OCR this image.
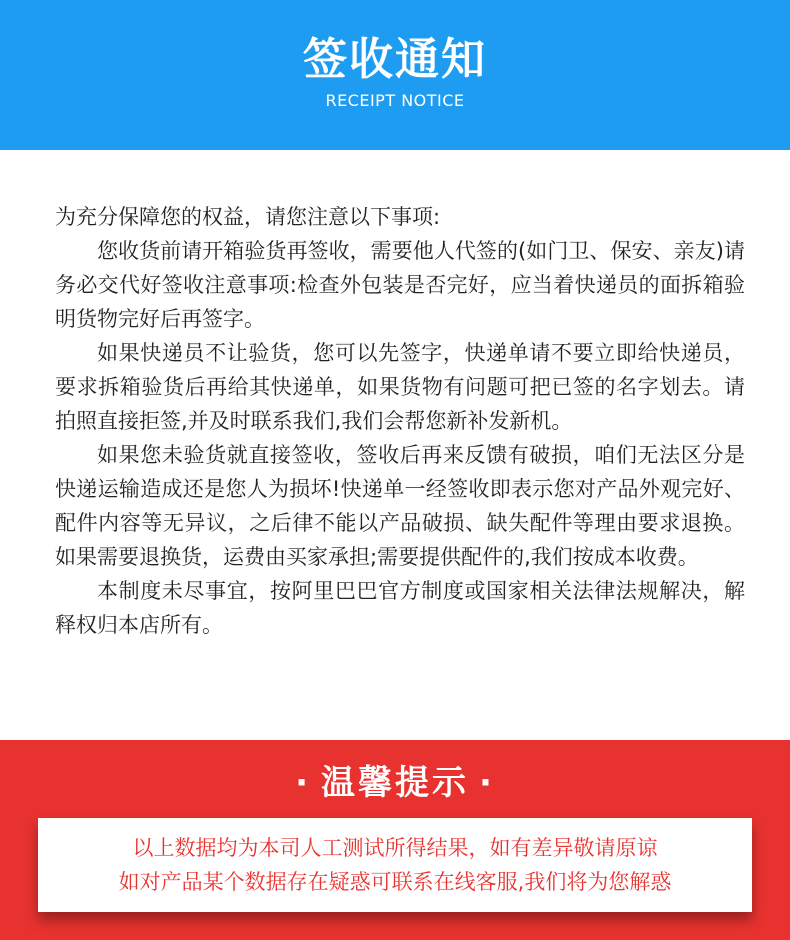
签收通知
RECEIPT NOTICE

为充分保障您的权益，请您注意以下事项:

您收货前请开箱验货再签收，需要他人代签的(如门卫、保安、亲友)请务必交代好签收注意事项:检查外包装是否完好，应当着快递员的面拆箱验明货物完好后再签字。

如果快递员不让验货，您可以先签字，快递单请不要立即给快递员，要求拆箱验货后再给其快递单，如果货物有问题可把已签的名字划去。请拍照直接拒签,并及时联系我们,我们会帮您新补发新机。

如果您未验货就直接签收，签收后再来反馈有破损，咱们无法区分是快递运输造成还是您人为损坏!快递单一经签收即表示您对产品外观完好、配件内容等无异议，之后律不能以产品破损、缺失配件等理由要求退换。如果需要退换货，运费由买家承担;需要提供配件的,我们按成本收费。

本制度未尽事宜，按阿里巴巴官方制度或国家相关法律法规解决，解释权归本店所有。

· 温馨提示 ·
以上数据均为本司人工测试所得结果，如有差异敬请原谅
如对产品某个数据存在疑惑可联系在线客服,我们将为您解惑
